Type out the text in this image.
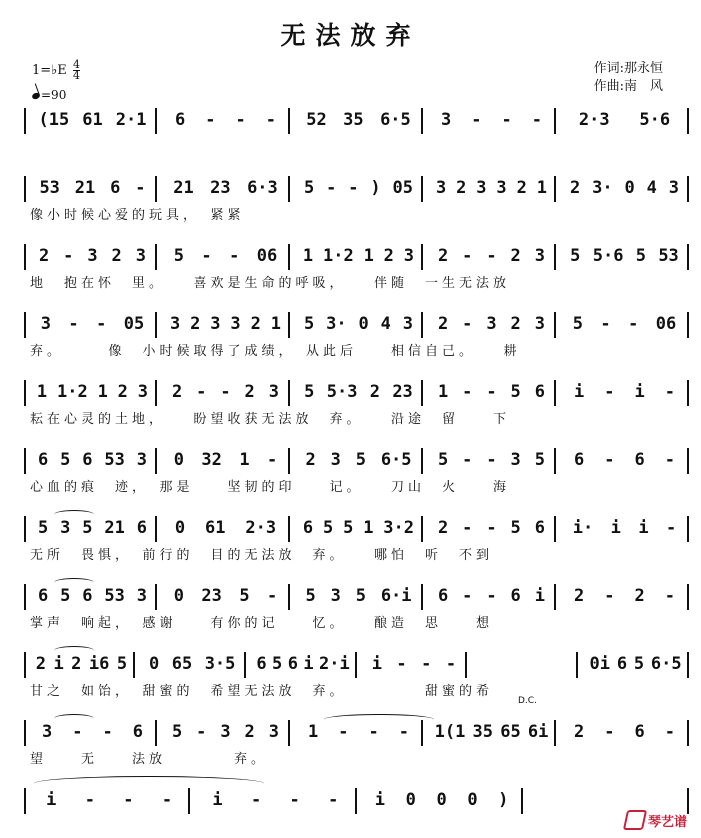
无法放弃
1=♭E $\frac{4}{4}$
=90
作词:那永恒
作曲:南　风
(15 61 2·1 6 - - - 52 35 6·5 3 - - - 2·3 5·6
53 21 6 - 21 23 6·3 5 - - ) 05 3 2 3 3 2 1 2 3· 0 4 3
像小时候心爱的玩具，　紧紧
2 - 3 2 3 5 - - 06 1 1·2 1 2 3 2 - - 2 3 5 5·6 5 53
地　抱在怀　里。　　喜欢是生命的呼吸，　　伴随　一生无法放
3 - - 05 3 2 3 3 2 1 5 3· 0 4 3 2 - 3 2 3 5 - - 06
弃。　　　像　小时候取得了成绩，　从此后　　相信自己。　　耕
1 1·2 1 2 3 2 - - 2 3 5 5·3 2 23 1 - - 5 6 i - i -
耘在心灵的土地，　　盼望收获无法放　弃。　　沿途　留　　下
6 5 6 53 3 0 32 1 - 2 3 5 6·5 5 - - 3 5 6 - 6 -
心血的痕　迹，　那是　　坚韧的印　　记。　　刀山　火　　海
5 3 5 21 6 0 61 2·3 6 5 5 1 3·2 2 - - 5 6 i· i i -
无所　畏惧，　前行的　目的无法放　弃。　　哪怕　听　不到
6 5 6 53 3 0 23 5 - 5 3 5 6·i 6 - - 6 i 2 - 2 -
掌声　响起，　感谢　　有你的记　　忆。　　酿造　思　　想
2 i 2 i6 5 0 65 3·5 6 5 6 i 2·i i - - -	0i 6 5 6·5
甘之　如饴，　甜蜜的　希望无法放　弃。　　　　　甜蜜的希
D.C.
3 - - 6 5 - 3 2 3 1 - - - 1(1 35 65 6i 2 - 6 -
望　　无　　法放　　　　弃。
i - - - i - - - i 0 0 0 )
琴艺谱
